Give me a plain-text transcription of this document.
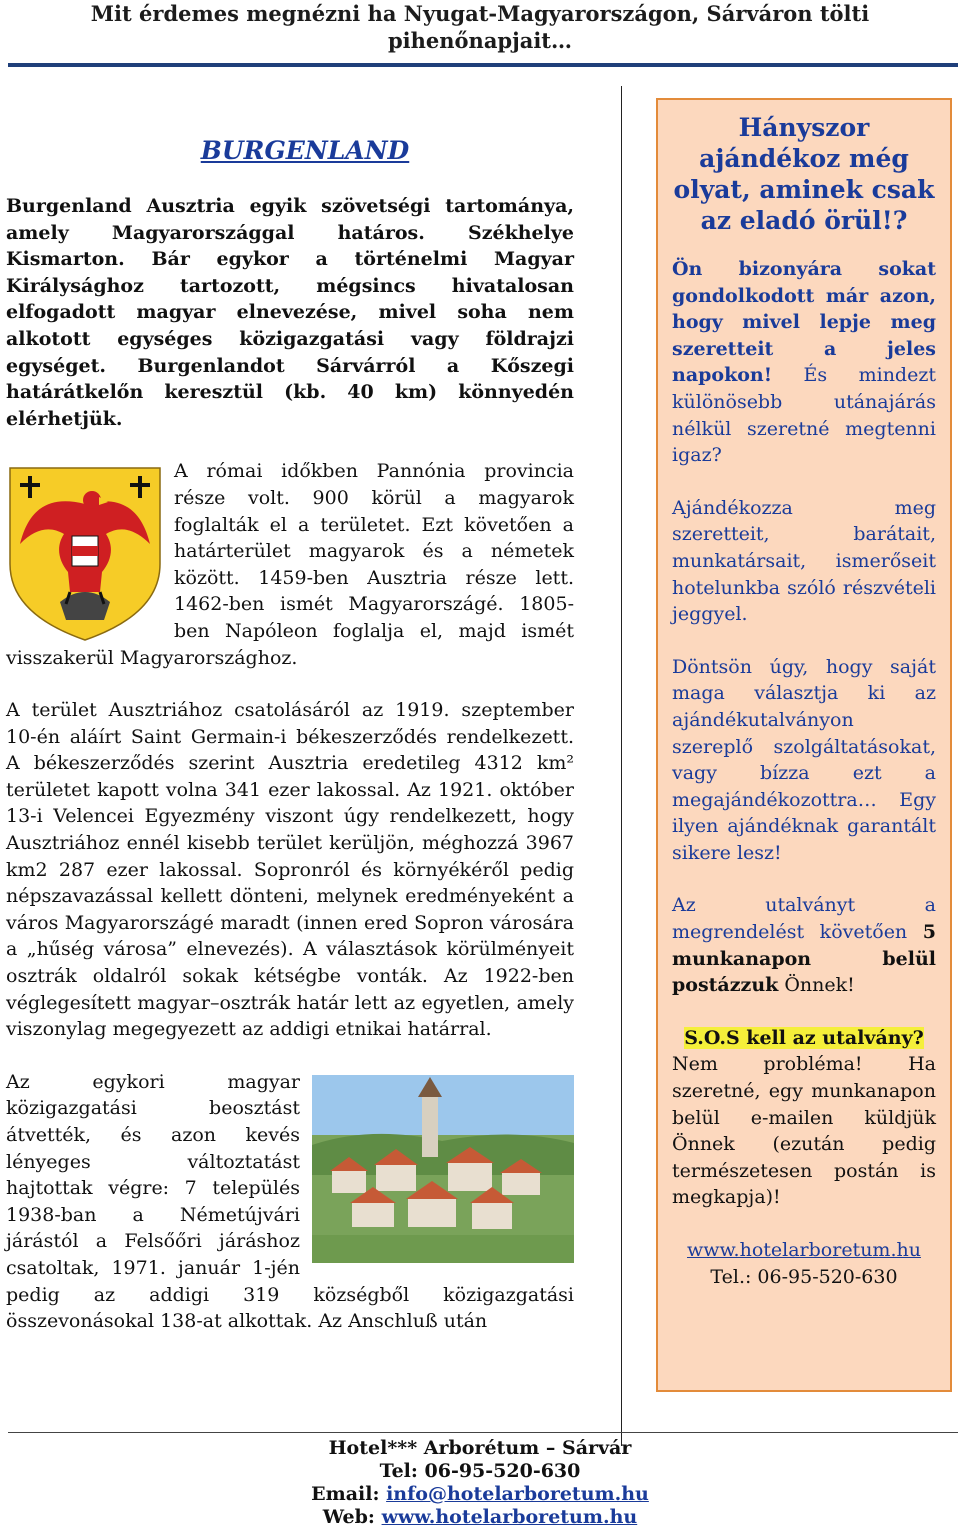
Mit érdemes megnézni ha Nyugat-Magyarországon, Sárváron tölti
pihenőnapjait…
BURGENLAND

Burgenland Ausztria egyik szövetségi tartománya, amely Magyarországgal határos. Székhelye Kismarton. Bár egykor a történelmi Magyar Királysághoz tartozott, mégsincs hivatalosan elfogadott magyar elnevezése, mivel soha nem alkotott egységes közigazgatási vagy földrajzi egységet. Burgenlandot Sárvárról a Kőszegi határátkelőn keresztül (kb. 40 km) könnyedén elérhetjük.

A római időkben Pannónia provincia része volt. 900 körül a magyarok foglalták el a területet. Ezt követően a határterület magyarok és a németek között. 1459-ben Ausztria része lett. 1462-ben ismét Magyarországé. 1805-ben Napóleon foglalja el, majd ismét visszakerül Magyarországhoz.

A terület Ausztriához csatolásáról az 1919. szeptember 10-én aláírt Saint Germain-i békeszerződés rendelkezett. A békeszerződés szerint Ausztria eredetileg 4312 km² területet kapott volna 341 ezer lakossal. Az 1921. október 13-i Velencei Egyezmény viszont úgy rendelkezett, hogy Ausztriához ennél kisebb terület kerüljön, méghozzá 3967 km2 287 ezer lakossal. Sopronról és környékéről pedig népszavazással kellett dönteni, melynek eredményeként a város Magyarországé maradt (innen ered Sopron városára a „hűség városa” elnevezés). A választások körülményeit osztrák oldalról sokak kétségbe vonták. Az 1922-ben véglegesített magyar–osztrák határ lett az egyetlen, amely viszonylag megegyezett az addigi etnikai határral.

Az egykori magyar közigazgatási beosztást átvették, és azon kevés lényeges változtatást hajtottak végre: 7 település 1938-ban a Németújvári járástól a Felsőőri járáshoz csatoltak, 1971. január 1-jén pedig az addigi 319 községből közigazgatási összevonásokal 138-at alkottak. Az Anschluß után

Hányszor ajándékoz még olyat, aminek csak az eladó örül!?

Ön bizonyára sokat gondolkodott már azon, hogy mivel lepje meg szeretteit a jeles napokon! És mindezt különösebb utánajárás nélkül szeretné megtenni igaz?

Ajándékozza meg szeretteit, barátait, munkatársait, ismerőseit hotelunkba szóló részvételi jeggyel.

Döntsön úgy, hogy saját maga választja ki az ajándékutalványon szereplő szolgáltatásokat, vagy bízza ezt a megajándékozottra… Egy ilyen ajándéknak garantált sikere lesz!

Az utalványt a megrendelést követően 5 munkanapon belül postázzuk Önnek!

S.O.S kell az utalvány?

Nem probléma! Ha szeretné, egy munkanapon belül e-mailen küldjük Önnek (ezután pedig természetesen postán is megkapja)!

www.hotelarboretum.hu

Tel.: 06-95-520-630

Hotel*** Arborétum – Sárvár
Tel: 06-95-520-630
Email: info@hotelarboretum.hu
Web: www.hotelarboretum.hu
